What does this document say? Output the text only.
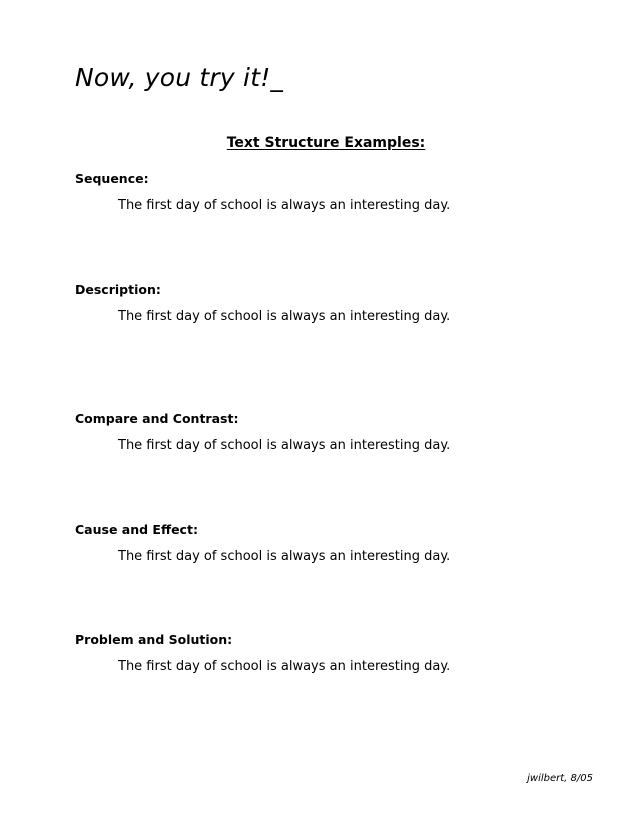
Now, you try it!_
Text Structure Examples:

Sequence:

The first day of school is always an interesting day.

Description:

The first day of school is always an interesting day.

Compare and Contrast:

The first day of school is always an interesting day.

Cause and Effect:

The first day of school is always an interesting day.

Problem and Solution:

The first day of school is always an interesting day.

jwilbert, 8/05
